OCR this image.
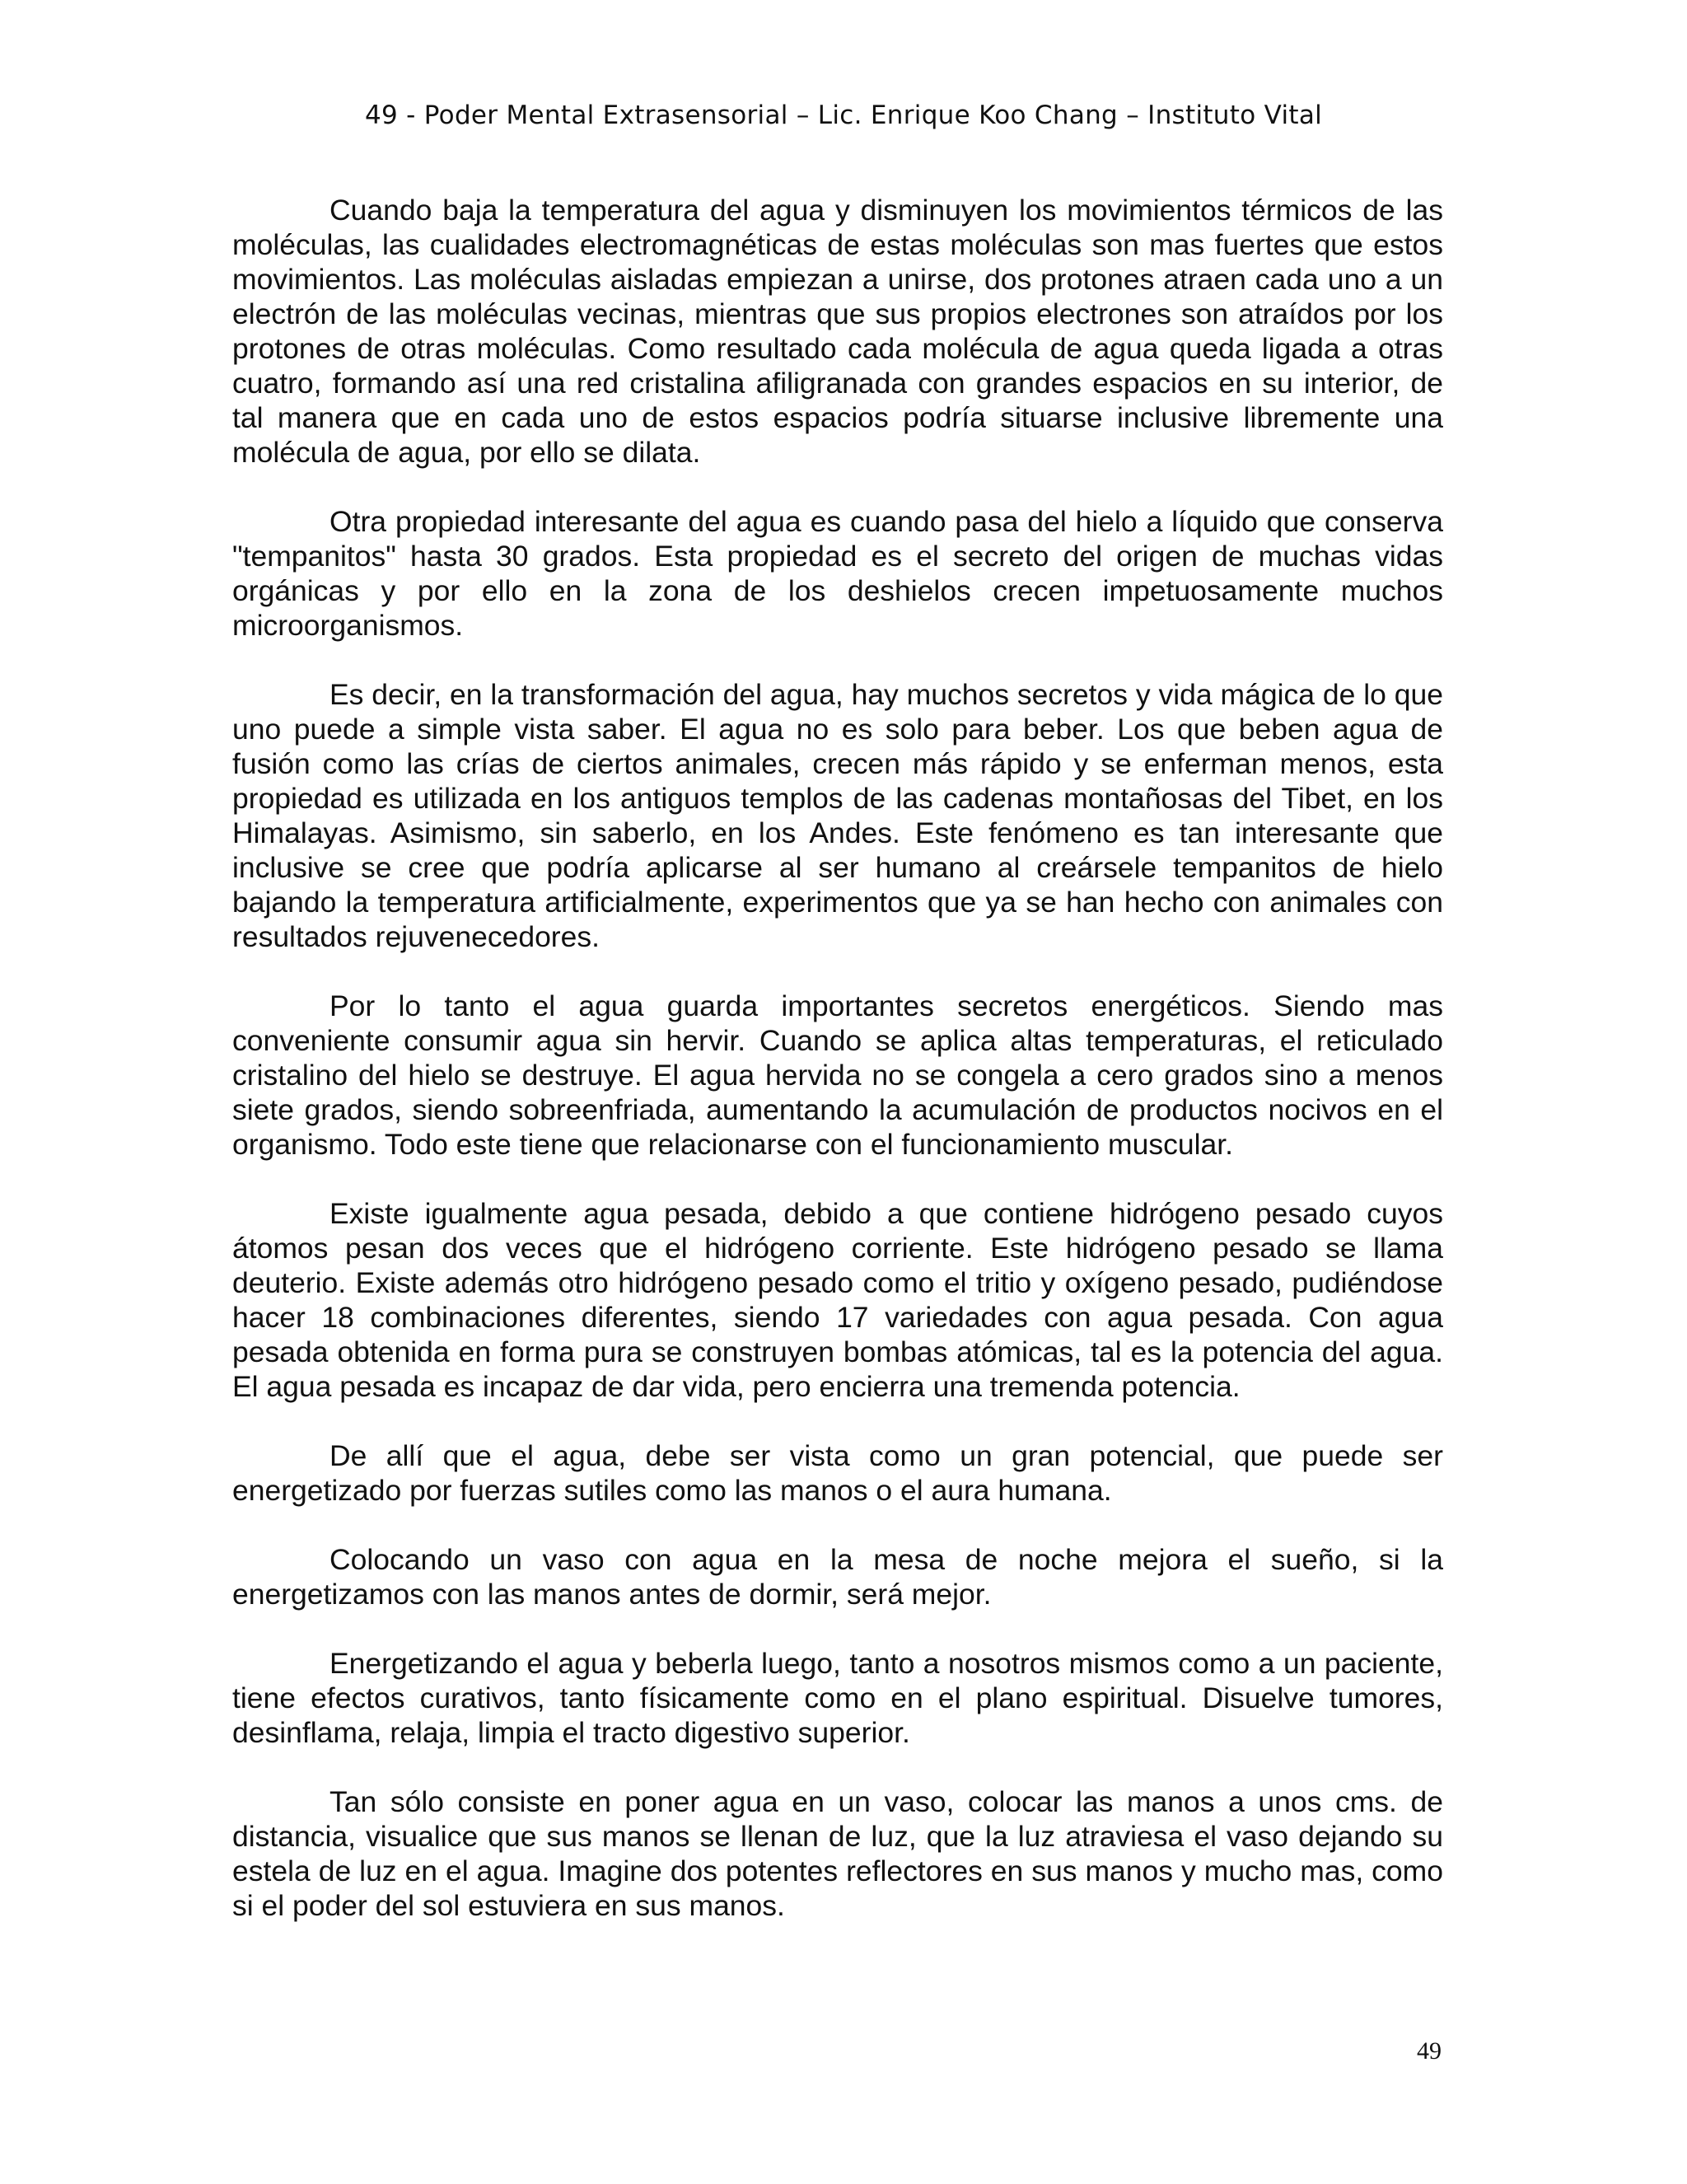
49 - Poder Mental Extrasensorial – Lic. Enrique Koo Chang – Instituto Vital

Cuando baja la temperatura del agua y disminuyen los movimientos térmicos de las moléculas, las cualidades electromagnéticas de estas moléculas son mas fuertes que estos movimientos. Las moléculas aisladas empiezan a unirse, dos protones atraen cada uno a un electrón de las moléculas vecinas, mientras que sus propios electrones son atraídos por los protones de otras moléculas. Como resultado cada molécula de agua queda ligada a otras cuatro, formando así una red cristalina afiligranada con grandes espacios en su interior, de tal manera que en cada uno de estos espacios podría situarse inclusive libremente una molécula de agua, por ello se dilata.

Otra propiedad interesante del agua es cuando pasa del hielo a líquido que conserva "tempanitos" hasta 30 grados. Esta propiedad es el secreto del origen de muchas vidas orgánicas y por ello en la zona de los deshielos crecen impetuosamente muchos microorganismos.

Es decir, en la transformación del agua, hay muchos secretos y vida mágica de lo que uno puede a simple vista saber. El agua no es solo para beber. Los que beben agua de fusión como las crías de ciertos animales, crecen más rápido y se enferman menos, esta propiedad es utilizada en los antiguos templos de las cadenas montañosas del Tibet, en los Himalayas. Asimismo, sin saberlo, en los Andes. Este fenómeno es tan interesante que inclusive se cree que podría aplicarse al ser humano al creársele tempanitos de hielo bajando la temperatura artificialmente, experimentos que ya se han hecho con animales con resultados rejuvenecedores.

Por lo tanto el agua guarda importantes secretos energéticos. Siendo mas conveniente consumir agua sin hervir. Cuando se aplica altas temperaturas, el reticulado cristalino del hielo se destruye. El agua hervida no se congela a cero grados sino a menos siete grados, siendo sobreenfriada, aumentando la acumulación de productos nocivos en el organismo. Todo este tiene que relacionarse con el funcionamiento muscular.

Existe igualmente agua pesada, debido a que contiene hidrógeno pesado cuyos átomos pesan dos veces que el hidrógeno corriente. Este hidrógeno pesado se llama deuterio. Existe además otro hidrógeno pesado como el tritio y oxígeno pesado, pudiéndose hacer 18 combinaciones diferentes, siendo 17 variedades con agua pesada. Con agua pesada obtenida en forma pura se construyen bombas atómicas, tal es la potencia del agua. El agua pesada es incapaz de dar vida, pero encierra una tremenda potencia.

De allí que el agua, debe ser vista como un gran potencial, que puede ser energetizado por fuerzas sutiles como las manos o el aura humana.

Colocando un vaso con agua en la mesa de noche mejora el sueño, si la energetizamos con las manos antes de dormir, será mejor.

Energetizando el agua y beberla luego, tanto a nosotros mismos como a un paciente, tiene efectos curativos, tanto físicamente como en el plano espiritual. Disuelve tumores, desinflama, relaja, limpia el tracto digestivo superior.

Tan sólo consiste en poner agua en un vaso, colocar las manos a unos cms. de distancia, visualice que sus manos se llenan de luz, que la luz atraviesa el vaso dejando su estela de luz en el agua. Imagine dos potentes reflectores en sus manos y mucho mas, como si el poder del sol estuviera en sus manos.

49
